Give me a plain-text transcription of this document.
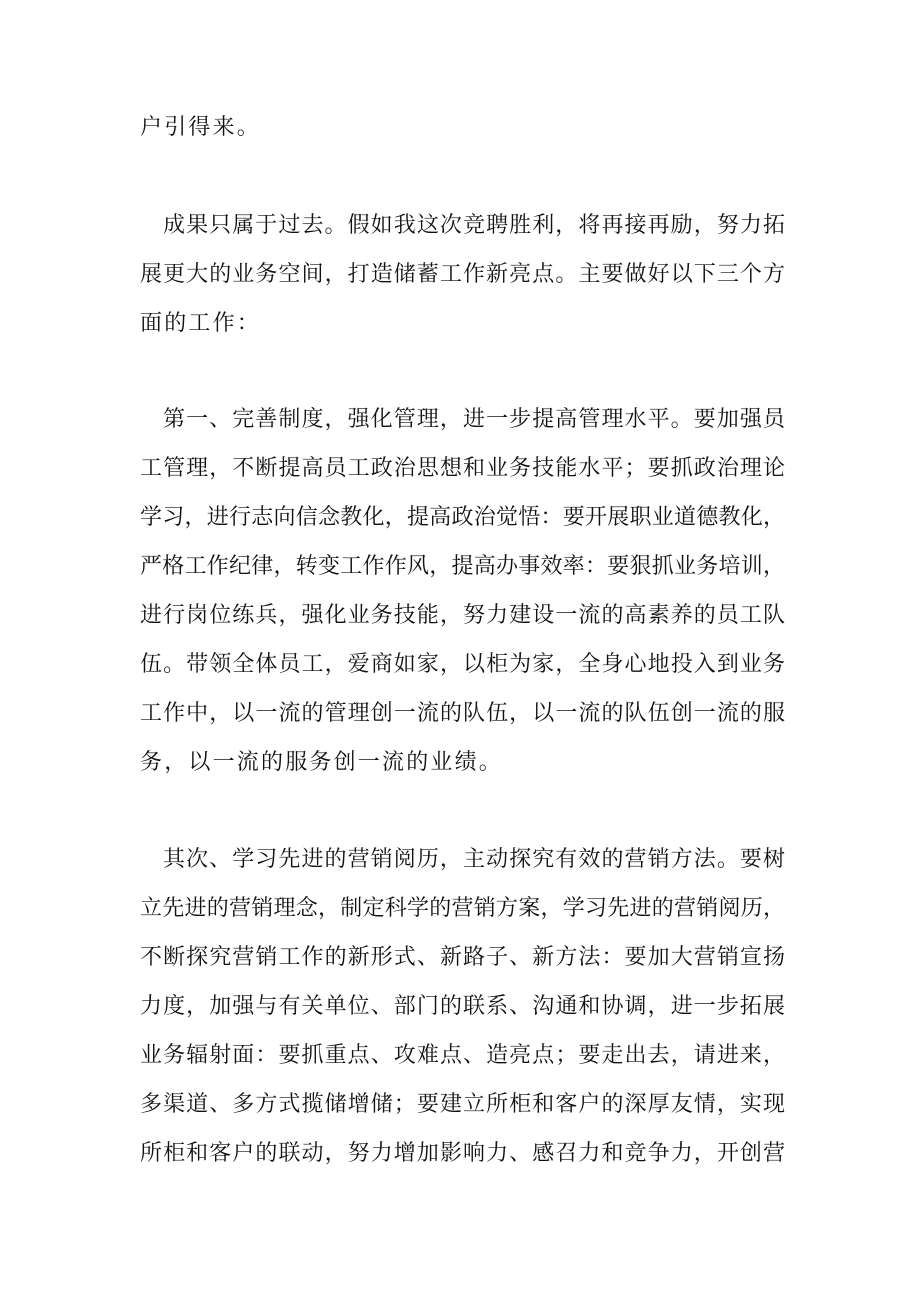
户引得来。
成果只属于过去。假如我这次竞聘胜利，将再接再励，努力拓
展更大的业务空间，打造储蓄工作新亮点。主要做好以下三个方
面的工作：
第一、完善制度，强化管理，进一步提高管理水平。要加强员
工管理，不断提高员工政治思想和业务技能水平；要抓政治理论
学习，进行志向信念教化，提高政治觉悟：要开展职业道德教化，
严格工作纪律，转变工作作风，提高办事效率：要狠抓业务培训，
进行岗位练兵，强化业务技能，努力建设一流的高素养的员工队
伍。带领全体员工，爱商如家，以柜为家，全身心地投入到业务
工作中，以一流的管理创一流的队伍，以一流的队伍创一流的服
务，以一流的服务创一流的业绩。
其次、学习先进的营销阅历，主动探究有效的营销方法。要树
立先进的营销理念，制定科学的营销方案，学习先进的营销阅历，
不断探究营销工作的新形式、新路子、新方法：要加大营销宣扬
力度，加强与有关单位、部门的联系、沟通和协调，进一步拓展
业务辐射面：要抓重点、攻难点、造亮点；要走出去，请进来，
多渠道、多方式揽储增储；要建立所柜和客户的深厚友情，实现
所柜和客户的联动，努力增加影响力、感召力和竞争力，开创营
